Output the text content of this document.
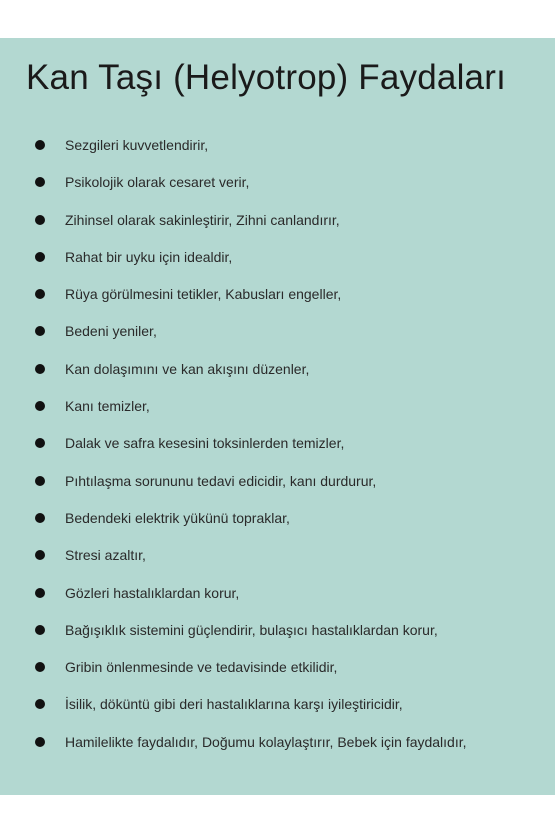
Kan Taşı (Helyotrop) Faydaları
Sezgileri kuvvetlendirir,
Psikolojik olarak cesaret verir,
Zihinsel olarak sakinleştirir, Zihni canlandırır,
Rahat bir uyku için idealdir,
Rüya görülmesini tetikler, Kabusları engeller,
Bedeni yeniler,
Kan dolaşımını ve kan akışını düzenler,
Kanı temizler,
Dalak ve safra kesesini toksinlerden temizler,
Pıhtılaşma sorununu tedavi edicidir, kanı durdurur,
Bedendeki elektrik yükünü topraklar,
Stresi azaltır,
Gözleri hastalıklardan korur,
Bağışıklık sistemini güçlendirir, bulaşıcı hastalıklardan korur,
Gribin önlenmesinde ve tedavisinde etkilidir,
İsilik, döküntü gibi deri hastalıklarına karşı iyileştiricidir,
Hamilelikte faydalıdır, Doğumu kolaylaştırır, Bebek için faydalıdır,
